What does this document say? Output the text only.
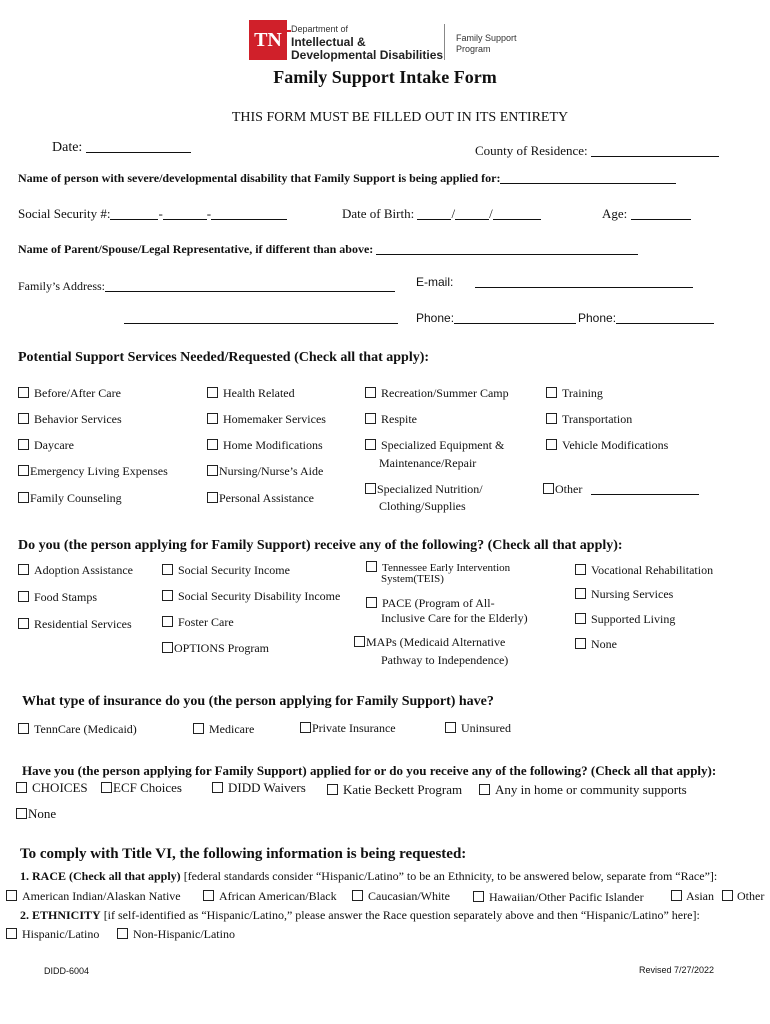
TN	Department of
Intellectual &
Developmental Disabilities
Family Support
Program
Family Support Intake Form
THIS FORM MUST BE FILLED OUT IN ITS ENTIRETY
Date:	County of Residence:
Name of person with severe/developmental disability that Family Support is being applied for:
Social Security #:	-	-	Date of Birth:	/	/	Age:
Name of Parent/Spouse/Legal Representative, if different than above:
Family’s Address:	E-mail:
Phone:	Phone:
Potential Support Services Needed/Requested (Check all that apply):
Before/After Care
Behavior Services
Daycare
Emergency Living Expenses
Family Counseling
Health Related
Homemaker Services
Home Modifications
Nursing/Nurse’s Aide
Personal Assistance
Recreation/Summer Camp
Respite
Specialized Equipment &
Maintenance/Repair
Specialized Nutrition/
Clothing/Supplies
Training
Transportation
Vehicle Modifications
Other
Do you (the person applying for Family Support) receive any of the following? (Check all that apply):
Adoption Assistance
Food Stamps
Residential Services
Social Security Income
Social Security Disability Income
Foster Care
OPTIONS Program
Tennessee Early Intervention
System(TEIS)
PACE (Program of All-
Inclusive Care for the Elderly)
MAPs (Medicaid Alternative
Pathway to Independence)
Vocational Rehabilitation
Nursing Services
Supported Living
None
What type of insurance do you (the person applying for Family Support) have?
TennCare (Medicaid)	Medicare	Private Insurance	Uninsured
Have you (the person applying for Family Support) applied for or do you receive any of the following? (Check all that apply):
CHOICES	ECF Choices	DIDD Waivers	Katie Beckett Program	Any in home or community supports
None
To comply with Title VI, the following information is being requested:
1. RACE (Check all that apply) [federal standards consider “Hispanic/Latino” to be an Ethnicity, to be answered below, separate from “Race”]:
American Indian/Alaskan Native	African American/Black	Caucasian/White	Hawaiian/Other Pacific Islander	Asian	Other
2. ETHNICITY [if self-identified as “Hispanic/Latino,” please answer the Race question separately above and then “Hispanic/Latino” here]:
Hispanic/Latino	Non-Hispanic/Latino
DIDD-6004	Revised 7/27/2022
